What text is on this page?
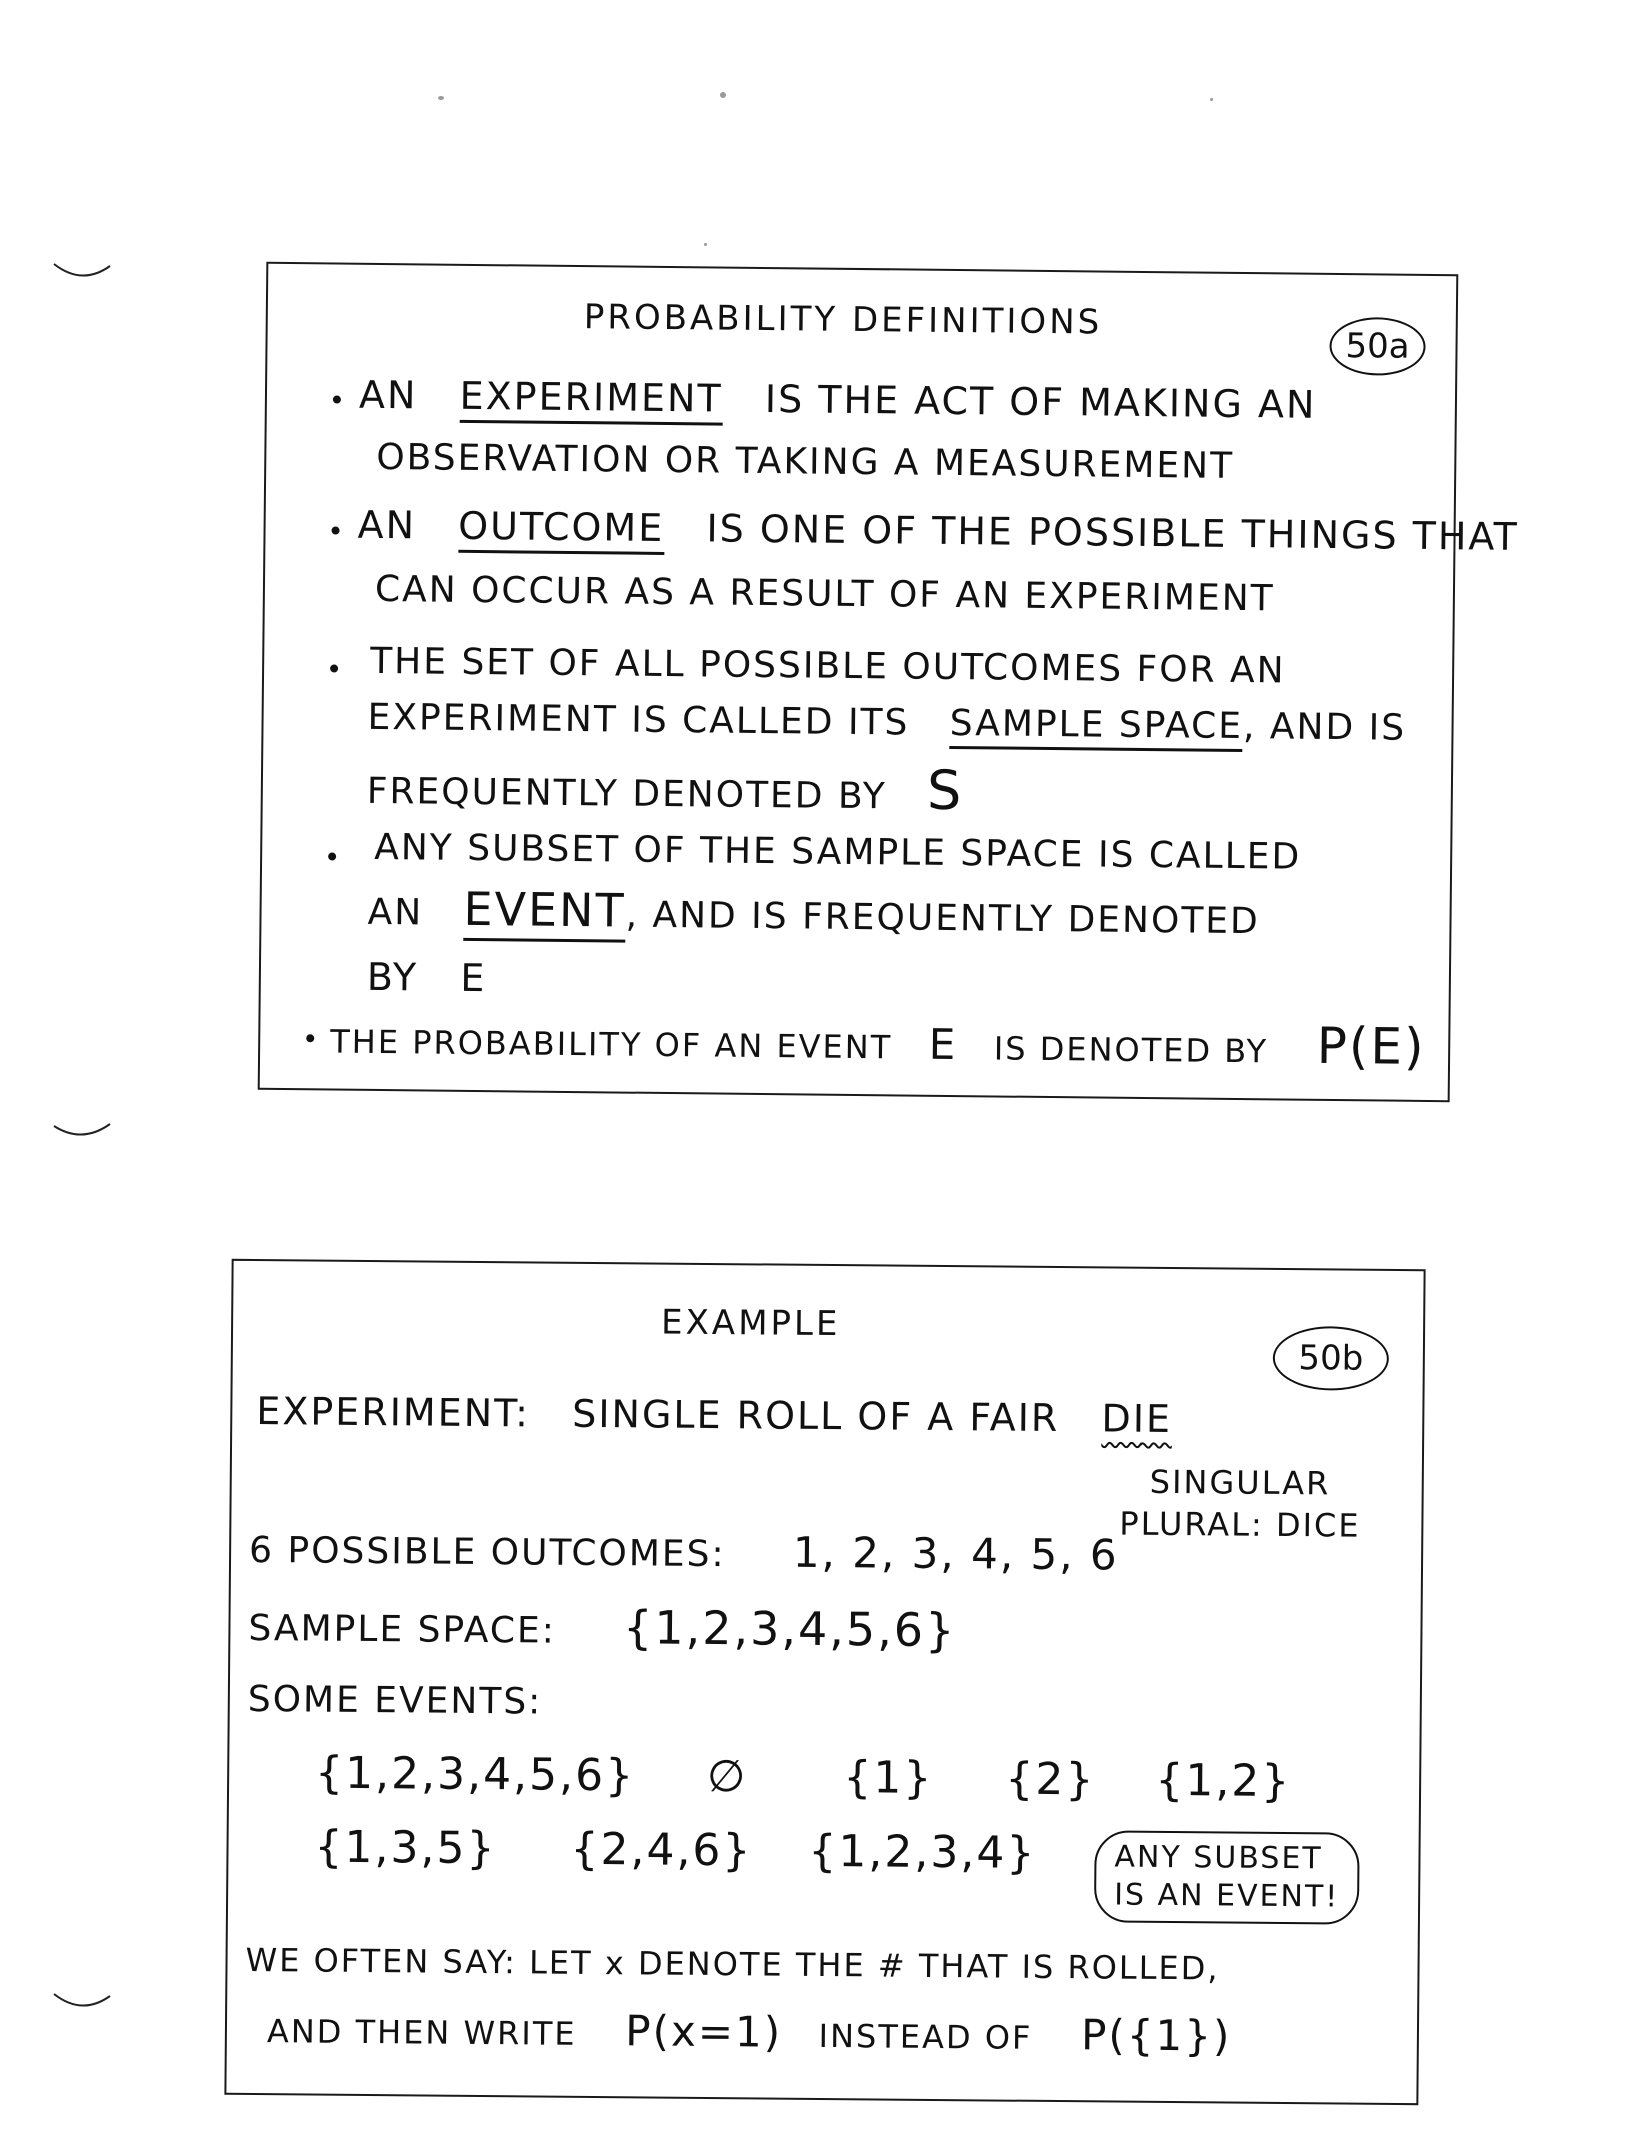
PROBABILITY DEFINITIONS
50a
AN EXPERIMENT IS THE ACT OF MAKING AN
OBSERVATION OR TAKING A MEASUREMENT
AN OUTCOME IS ONE OF THE POSSIBLE THINGS THAT
CAN OCCUR AS A RESULT OF AN EXPERIMENT
THE SET OF ALL POSSIBLE OUTCOMES FOR AN
EXPERIMENT IS CALLED ITS SAMPLE SPACE, AND IS
FREQUENTLY DENOTED BY S
ANY SUBSET OF THE SAMPLE SPACE IS CALLED
AN EVENT, AND IS FREQUENTLY DENOTED
BY E
THE PROBABILITY OF AN EVENT E IS DENOTED BY P(E)
EXAMPLE
50b
EXPERIMENT: SINGLE ROLL OF A FAIR DIE
SINGULAR
PLURAL: DICE
6 POSSIBLE OUTCOMES: 1, 2, 3, 4, 5, 6
SAMPLE SPACE: {1,2,3,4,5,6}
SOME EVENTS:
{1,2,3,4,5,6} ∅ {1} {2} {1,2}
{1,3,5} {2,4,6} {1,2,3,4}	ANY SUBSET
IS AN EVENT!
WE OFTEN SAY: LET x DENOTE THE # THAT IS ROLLED,
AND THEN WRITE P(x=1) INSTEAD OF P({1})
